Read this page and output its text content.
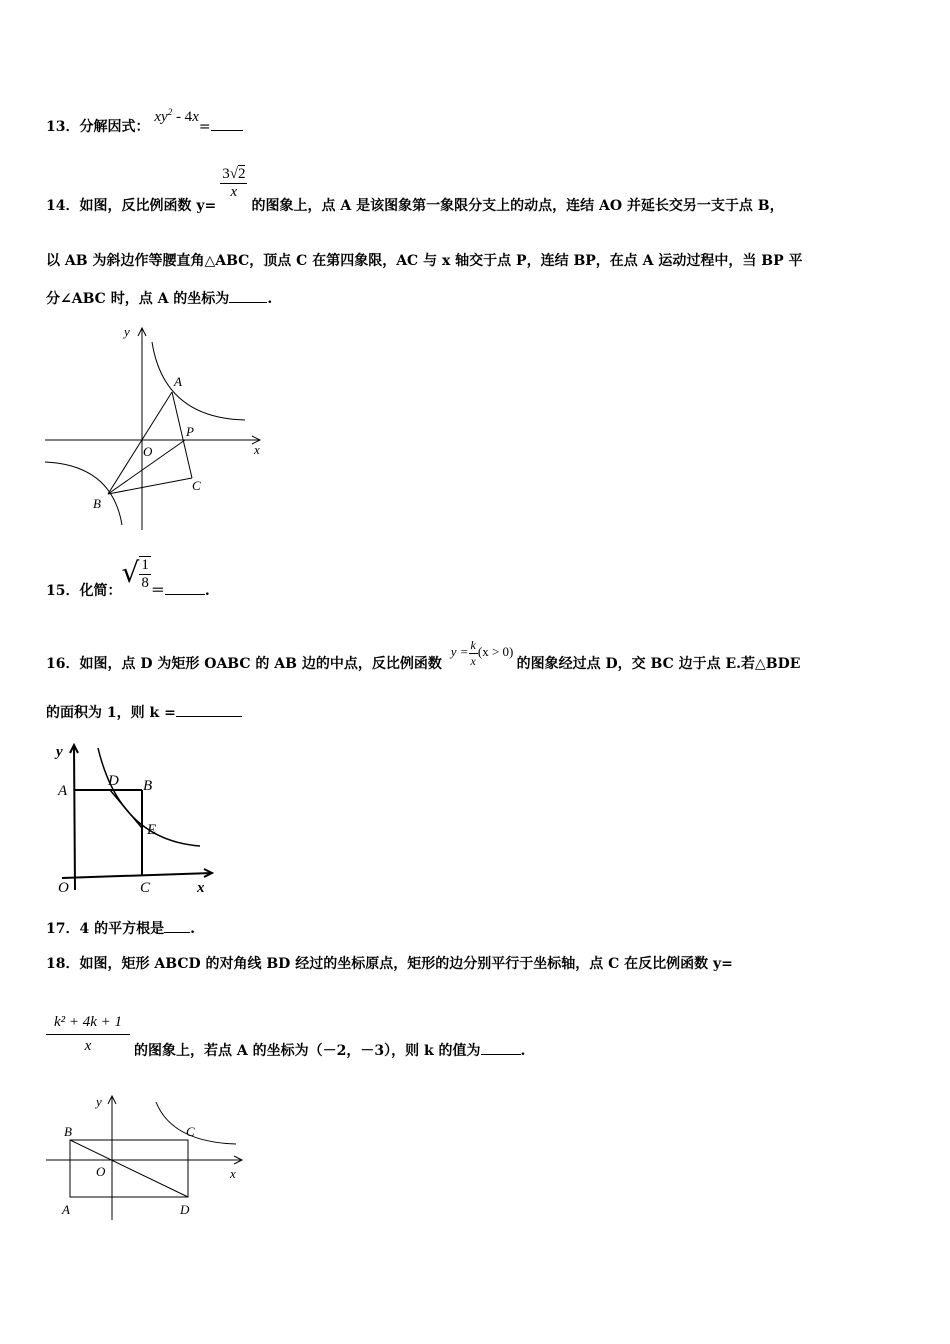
13．分解因式： $xy^2 - 4x=$
14．如图，反比例函数 y=
$\frac{3√2}{x}$
的图象上，点 A 是该图象第一象限分支上的动点，连结 AO 并延长交另一支于点 B，
以 AB 为斜边作等腰直角△ABC，顶点 C 在第四象限，AC 与 x 轴交于点 P，连结 BP，在点 A 运动过程中，当 BP 平
分∠ABC 时，点 A 的坐标为	.
y
x
A
O
P
B
C
15．化简：√ $\frac{1}{8}$ ＝	.
16．如图，点 D 为矩形 OABC 的 AB 边的中点，反比例函数 $y = \frac{k}{x} (x > 0)$ 的图象经过点 D，交 BC 边于点 E.若△BDE
的面积为 1，则 k =
y
x
A
D B
E
O	C
17．4 的平方根是 .
18．如图，矩形 ABCD 的对角线 BD 经过的坐标原点，矩形的边分别平行于坐标轴，点 C 在反比例函数 y=
$\frac{\text{k² + 4k + 1}}{x}$ 的图象上，若点 A 的坐标为（－2，－3），则 k 的值为	.
y
x
B	C
O
A	D
